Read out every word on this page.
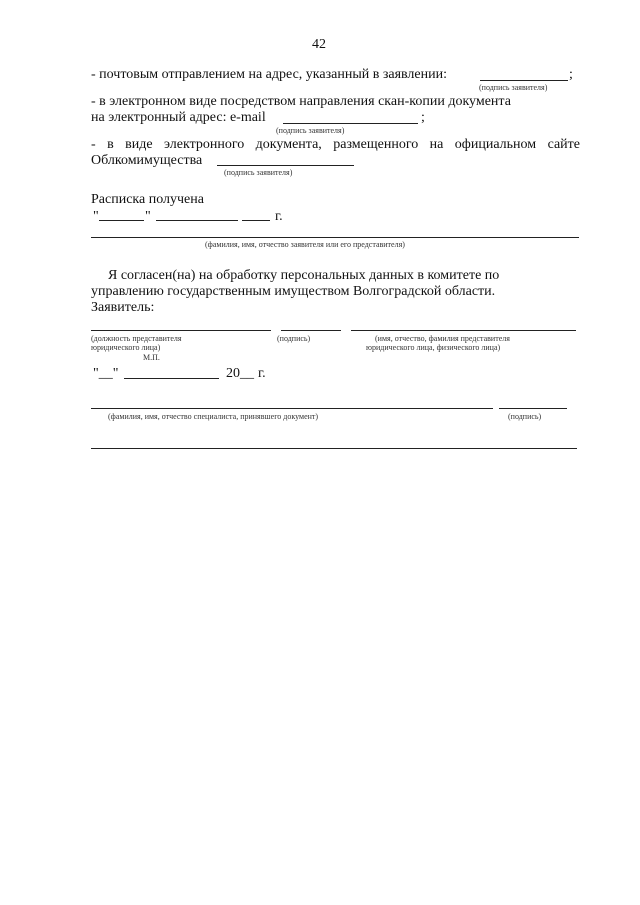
42
- почтовым отправлением на адрес, указанный в заявлении:	;
(подпись заявителя)
- в электронном виде посредством направления скан-копии документа
на электронный адрес: e-mail	;
(подпись заявителя)
- в виде электронного документа, размещенного на официальном сайте
Облкомимущества
(подпись заявителя)
Расписка получена
"	"	г.
(фамилия, имя, отчество заявителя или его представителя)
Я согласен(на) на обработку персональных данных в комитете по
управлению государственным имуществом Волгоградской области.
Заявитель:
(должность представителя
юридического лица)
(подпись)	(имя, отчество, фамилия представителя
юридического лица, физического лица)
М.П.
"__"	20__ г.
(фамилия, имя, отчество специалиста, принявшего документ)	(подпись)
